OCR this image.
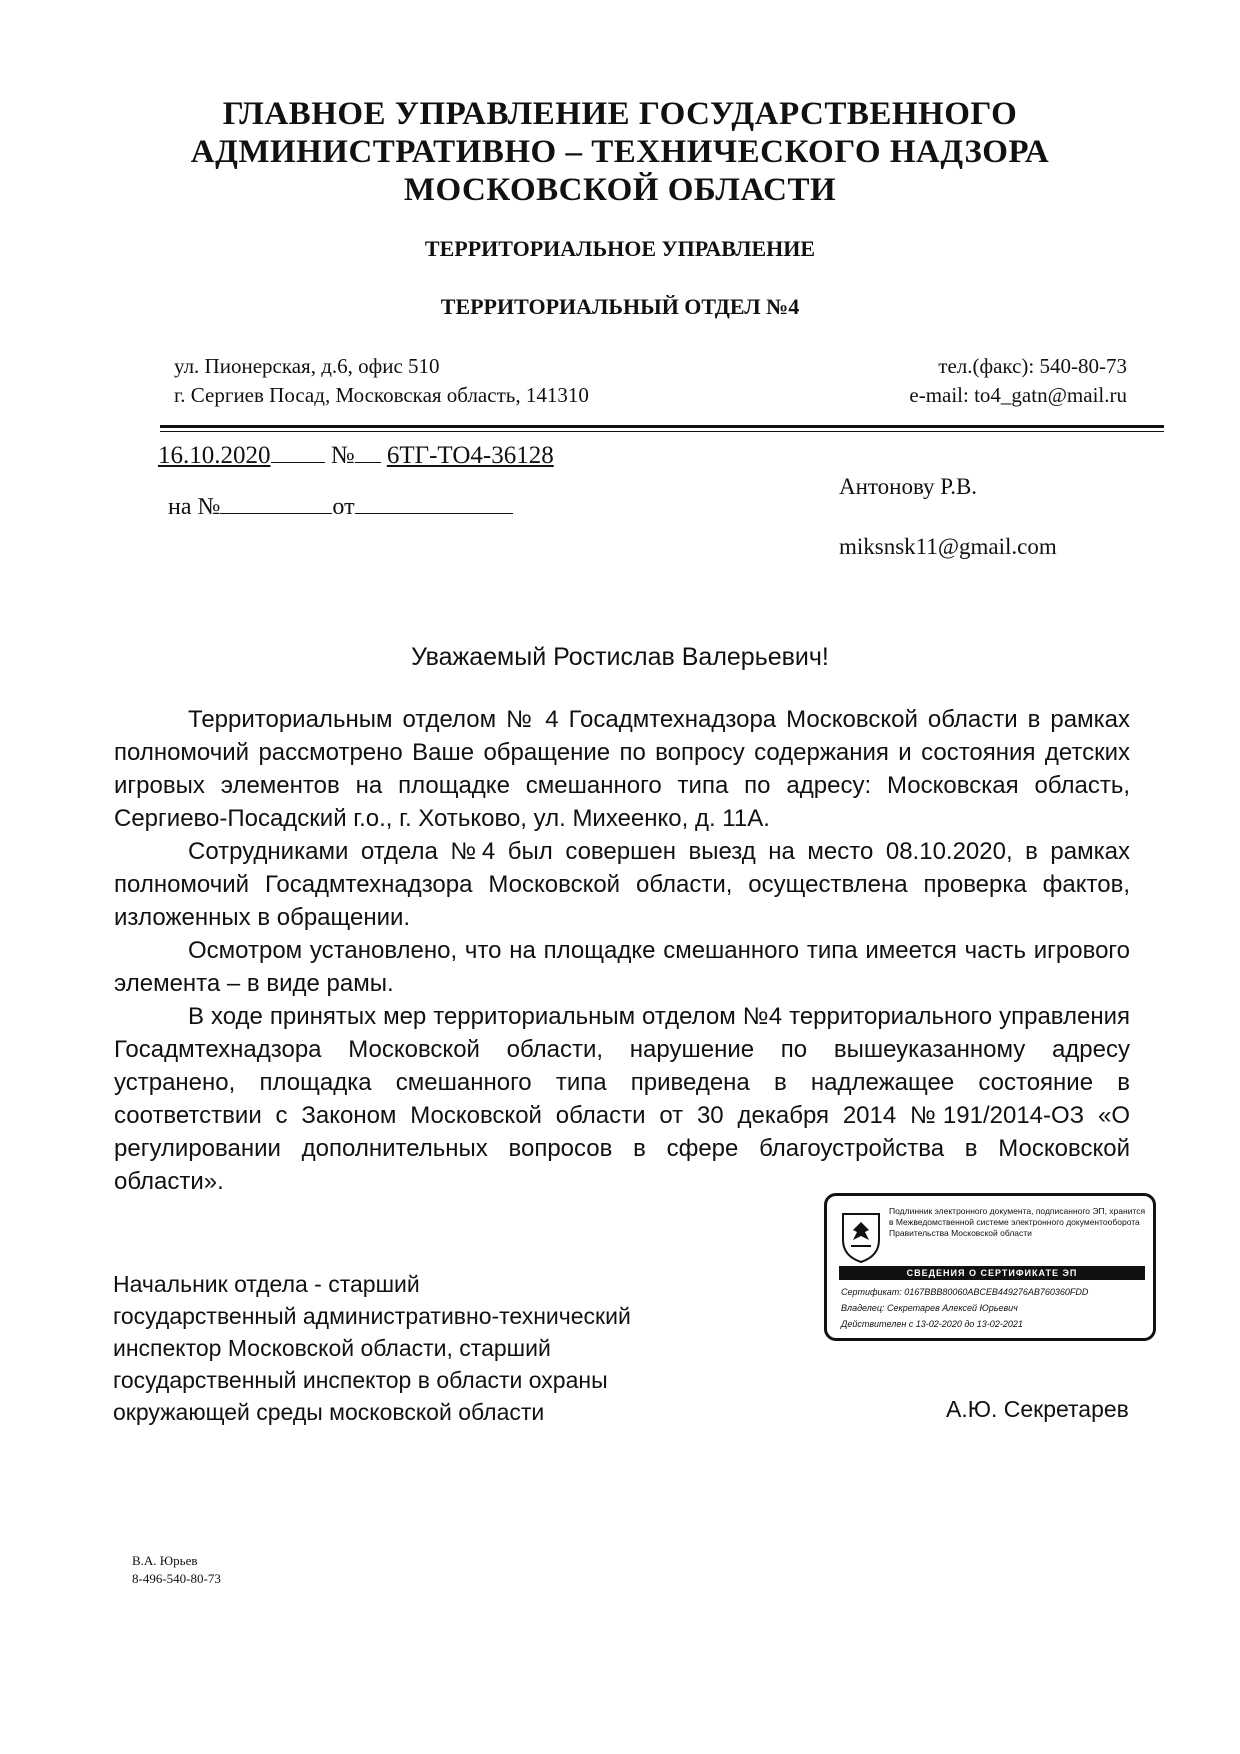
ГЛАВНОЕ УПРАВЛЕНИЕ ГОСУДАРСТВЕННОГО
АДМИНИСТРАТИВНО – ТЕХНИЧЕСКОГО НАДЗОРА
МОСКОВСКОЙ ОБЛАСТИ
ТЕРРИТОРИАЛЬНОЕ УПРАВЛЕНИЕ
ТЕРРИТОРИАЛЬНЫЙ ОТДЕЛ №4
ул. Пионерская, д.6, офис 510
г. Сергиев Посад, Московская область, 141310
тел.(факс): 540-80-73
e-mail: to4_gatn@mail.ru
16.10.2020 № 6ТГ-ТО4-36128
на №	от
Антонову Р.В.
miksnsk11@gmail.com
Уважаемый Ростислав Валерьевич!

Территориальным отделом № 4 Госадмтехнадзора Московской области в рамках полномочий рассмотрено Ваше обращение по вопросу содержания и состояния детских игровых элементов на площадке смешанного типа по адресу: Московская область, Сергиево-Посадский г.о., г. Хотьково, ул. Михеенко, д. 11А.

Сотрудниками отдела №4 был совершен выезд на место 08.10.2020, в рамках полномочий Госадмтехнадзора Московской области, осуществлена проверка фактов, изложенных в обращении.

Осмотром установлено, что на площадке смешанного типа имеется часть игрового элемента – в виде рамы.

В ходе принятых мер территориальным отделом №4 территориального управления Госадмтехнадзора Московской области, нарушение по вышеуказанному адресу устранено, площадка смешанного типа приведена в надлежащее состояние в соответствии с Законом Московской области от 30 декабря 2014 №191/2014-ОЗ «О регулировании дополнительных вопросов в сфере благоустройства в Московской области».

Подлинник электронного документа, подписанного ЭП, хранится в Межведомственной системе электронного документооборота Правительства Московской области
СВЕДЕНИЯ О СЕРТИФИКАТЕ ЭП
Сертификат: 0167BBB80060ABCEB449276AB760360FDD
Владелец: Секретарев Алексей Юрьевич
Действителен с 13-02-2020 до 13-02-2021
Начальник отдела - старший
государственный административно-технический
инспектор Московской области, старший
государственный инспектор в области охраны
окружающей среды московской области	А.Ю. Секретарев
В.А. Юрьев
8-496-540-80-73
